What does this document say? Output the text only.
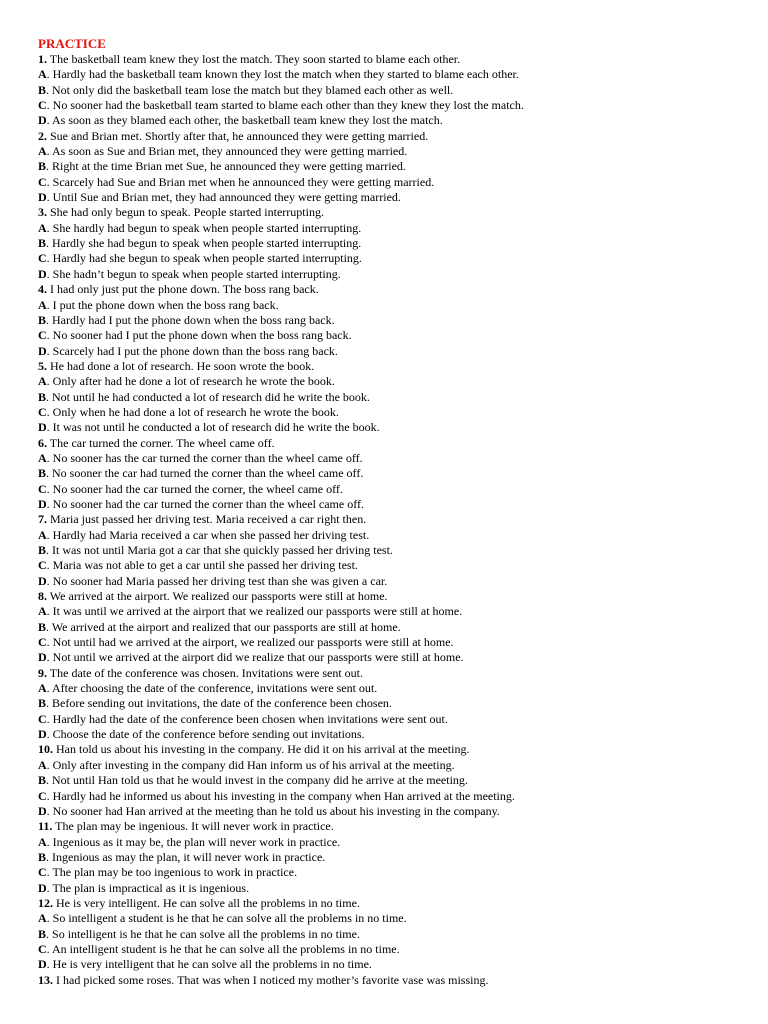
PRACTICE
1. The basketball team knew they lost the match. They soon started to blame each other.
A. Hardly had the basketball team known they lost the match when they started to blame each other.
B. Not only did the basketball team lose the match but they blamed each other as well.
C. No sooner had the basketball team started to blame each other than they knew they lost the match.
D. As soon as they blamed each other, the basketball team knew they lost the match.
2. Sue and Brian met. Shortly after that, he announced they were getting married.
A. As soon as Sue and Brian met, they announced they were getting married.
B. Right at the time Brian met Sue, he announced they were getting married.
C. Scarcely had Sue and Brian met when he announced they were getting married.
D. Until Sue and Brian met, they had announced they were getting married.
3. She had only begun to speak. People started interrupting.
A. She hardly had begun to speak when people started interrupting.
B. Hardly she had begun to speak when people started interrupting.
C. Hardly had she begun to speak when people started interrupting.
D. She hadn’t begun to speak when people started interrupting.
4. I had only just put the phone down. The boss rang back.
A. I put the phone down when the boss rang back.
B. Hardly had I put the phone down when the boss rang back.
C. No sooner had I put the phone down when the boss rang back.
D. Scarcely had I put the phone down than the boss rang back.
5. He had done a lot of research. He soon wrote the book.
A. Only after had he done a lot of research he wrote the book.
B. Not until he had conducted a lot of research did he write the book.
C. Only when he had done a lot of research he wrote the book.
D. It was not until he conducted a lot of research did he write the book.
6. The car turned the corner. The wheel came off.
A. No sooner has the car turned the corner than the wheel came off.
B. No sooner the car had turned the corner than the wheel came off.
C. No sooner had the car turned the corner, the wheel came off.
D. No sooner had the car turned the corner than the wheel came off.
7. Maria just passed her driving test. Maria received a car right then.
A. Hardly had Maria received a car when she passed her driving test.
B. It was not until Maria got a car that she quickly passed her driving test.
C. Maria was not able to get a car until she passed her driving test.
D. No sooner had Maria passed her driving test than she was given a car.
8. We arrived at the airport. We realized our passports were still at home.
A. It was until we arrived at the airport that we realized our passports were still at home.
B. We arrived at the airport and realized that our passports are still at home.
C. Not until had we arrived at the airport, we realized our passports were still at home.
D. Not until we arrived at the airport did we realize that our passports were still at home.
9. The date of the conference was chosen. Invitations were sent out.
A. After choosing the date of the conference, invitations were sent out.
B. Before sending out invitations, the date of the conference been chosen.
C. Hardly had the date of the conference been chosen when invitations were sent out.
D. Choose the date of the conference before sending out invitations.
10. Han told us about his investing in the company. He did it on his arrival at the meeting.
A. Only after investing in the company did Han inform us of his arrival at the meeting.
B. Not until Han told us that he would invest in the company did he arrive at the meeting.
C. Hardly had he informed us about his investing in the company when Han arrived at the meeting.
D. No sooner had Han arrived at the meeting than he told us about his investing in the company.
11. The plan may be ingenious. It will never work in practice.
A. Ingenious as it may be, the plan will never work in practice.
B. Ingenious as may the plan, it will never work in practice.
C. The plan may be too ingenious to work in practice.
D. The plan is impractical as it is ingenious.
12. He is very intelligent. He can solve all the problems in no time.
A. So intelligent a student is he that he can solve all the problems in no time.
B. So intelligent is he that he can solve all the problems in no time.
C. An intelligent student is he that he can solve all the problems in no time.
D. He is very intelligent that he can solve all the problems in no time.
13. I had picked some roses. That was when I noticed my mother’s favorite vase was missing.
